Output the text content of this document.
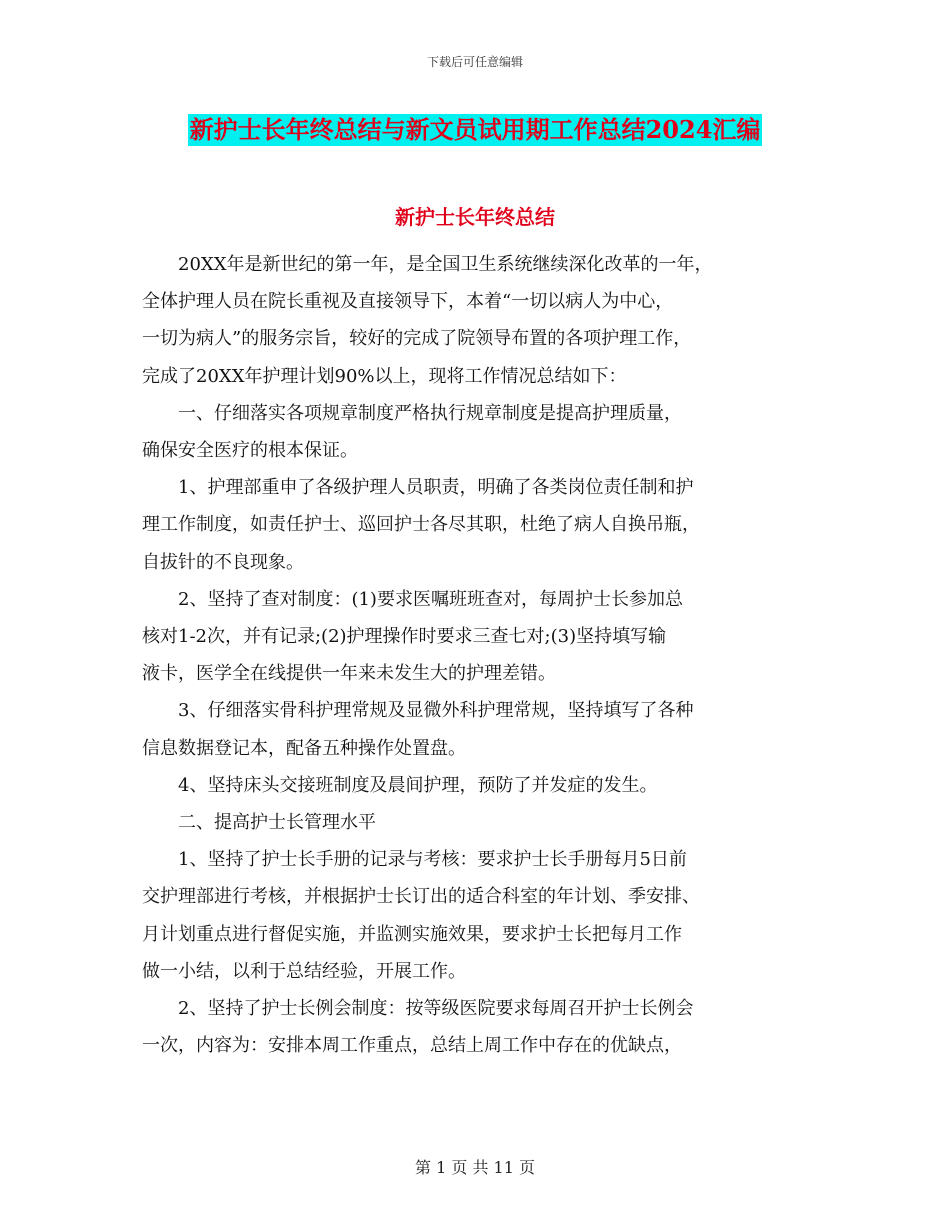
下载后可任意编辑
新护士长年终总结与新文员试用期工作总结2024汇编
新护士长年终总结

20XX年是新世纪的第一年，是全国卫生系统继续深化改革的一年，

全体护理人员在院长重视及直接领导下，本着“一切以病人为中心，

一切为病人”的服务宗旨，较好的完成了院领导布置的各项护理工作，

完成了20XX年护理计划90%以上，现将工作情况总结如下：

一、仔细落实各项规章制度严格执行规章制度是提高护理质量，

确保安全医疗的根本保证。

1、护理部重申了各级护理人员职责，明确了各类岗位责任制和护

理工作制度，如责任护士、巡回护士各尽其职，杜绝了病人自换吊瓶，

自拔针的不良现象。

2、坚持了查对制度：(1)要求医嘱班班查对，每周护士长参加总

核对1-2次，并有记录;(2)护理操作时要求三查七对;(3)坚持填写输

液卡，医学全在线提供一年来未发生大的护理差错。

3、仔细落实骨科护理常规及显微外科护理常规，坚持填写了各种

信息数据登记本，配备五种操作处置盘。

4、坚持床头交接班制度及晨间护理，预防了并发症的发生。

二、提高护士长管理水平

1、坚持了护士长手册的记录与考核：要求护士长手册每月5日前

交护理部进行考核，并根据护士长订出的适合科室的年计划、季安排、

月计划重点进行督促实施，并监测实施效果，要求护士长把每月工作

做一小结，以利于总结经验，开展工作。

2、坚持了护士长例会制度：按等级医院要求每周召开护士长例会

一次，内容为：安排本周工作重点，总结上周工作中存在的优缺点，

第 1 页 共 11 页
